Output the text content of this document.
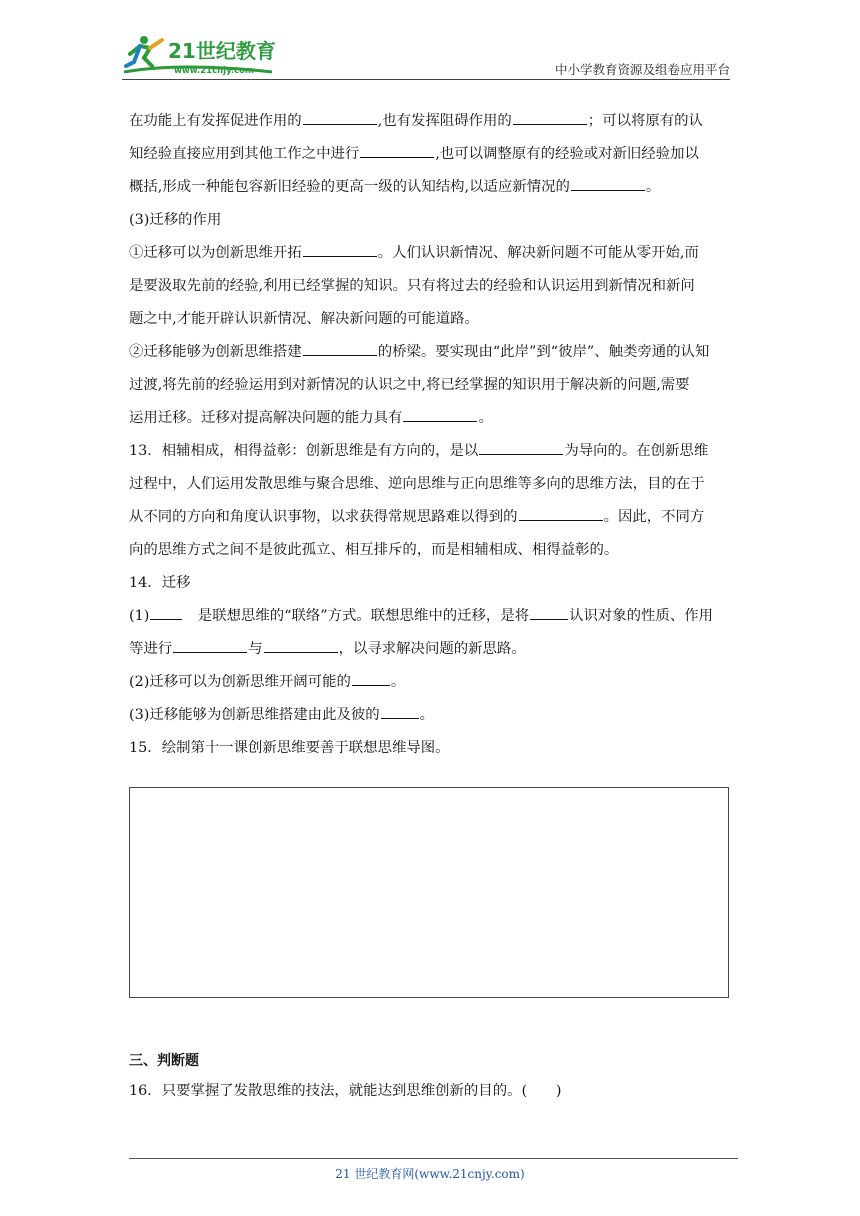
21世纪教育
www.21cnjy.com	中小学教育资源及组卷应用平台

在功能上有发挥促进作用的	,也有发挥阻碍作用的	；可以将原有的认

知经验直接应用到其他工作之中进行	,也可以调整原有的经验或对新旧经验加以

概括,形成一种能包容新旧经验的更高一级的认知结构,以适应新情况的	。

(3)迁移的作用

①迁移可以为创新思维开拓	。人们认识新情况、解决新问题不可能从零开始,而

是要汲取先前的经验,利用已经掌握的知识。只有将过去的经验和认识运用到新情况和新问

题之中,才能开辟认识新情况、解决新问题的可能道路。

②迁移能够为创新思维搭建	的桥梁。要实现由“此岸”到“彼岸”、触类旁通的认知

过渡,将先前的经验运用到对新情况的认识之中,将已经掌握的知识用于解决新的问题,需要

运用迁移。迁移对提高解决问题的能力具有	。

13．相辅相成，相得益彰：创新思维是有方向的，是以	为导向的。在创新思维

过程中，人们运用发散思维与聚合思维、逆向思维与正向思维等多向的思维方法，目的在于

从不同的方向和角度认识事物，以求获得常规思路难以得到的	。因此，不同方

向的思维方式之间不是彼此孤立、相互排斥的，而是相辅相成、相得益彰的。

14．迁移

(1)　是联想思维的“联络”方式。联想思维中的迁移，是将	认识对象的性质、作用

等进行	与	，以寻求解决问题的新思路。

(2)迁移可以为创新思维开阔可能的	。

(3)迁移能够为创新思维搭建由此及彼的	。

15．绘制第十一课创新思维要善于联想思维导图。

三、判断题

16．只要掌握了发散思维的技法，就能达到思维创新的目的。(　　)

21 世纪教育网(www.21cnjy.com)
